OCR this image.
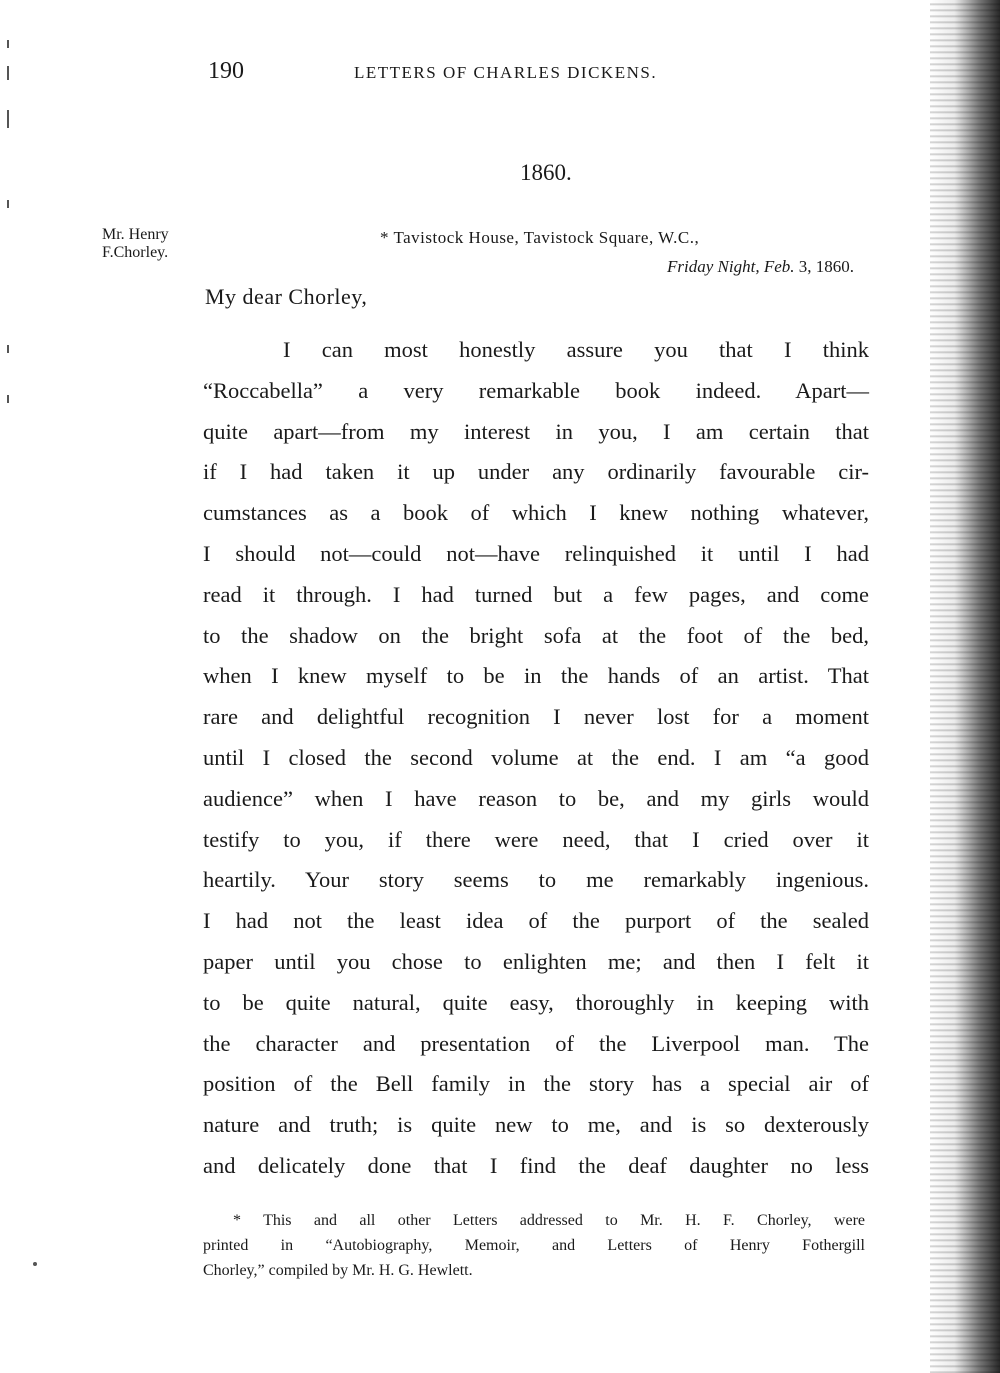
190	LETTERS OF CHARLES DICKENS.
1860.
Mr. Henry
F.Chorley.
* Tavistock House, Tavistock Square, W.C.,
Friday Night, Feb. 3, 1860.
My dear Chorley,
I can most honestly assure you that I think
“Roccabella” a very remarkable book indeed. Apart—
quite apart—from my interest in you, I am certain that
if I had taken it up under any ordinarily favourable cir-
cumstances as a book of which I knew nothing whatever,
I should not—could not—have relinquished it until I had
read it through. I had turned but a few pages, and come
to the shadow on the bright sofa at the foot of the bed,
when I knew myself to be in the hands of an artist. That
rare and delightful recognition I never lost for a moment
until I closed the second volume at the end. I am “a good
audience” when I have reason to be, and my girls would
testify to you, if there were need, that I cried over it
heartily. Your story seems to me remarkably ingenious.
I had not the least idea of the purport of the sealed
paper until you chose to enlighten me; and then I felt it
to be quite natural, quite easy, thoroughly in keeping with
the character and presentation of the Liverpool man. The
position of the Bell family in the story has a special air of
nature and truth; is quite new to me, and is so dexterously
and delicately done that I find the deaf daughter no less
* This and all other Letters addressed to Mr. H. F. Chorley, were
printed in “Autobiography, Memoir, and Letters of Henry Fothergill
Chorley,” compiled by Mr. H. G. Hewlett.
